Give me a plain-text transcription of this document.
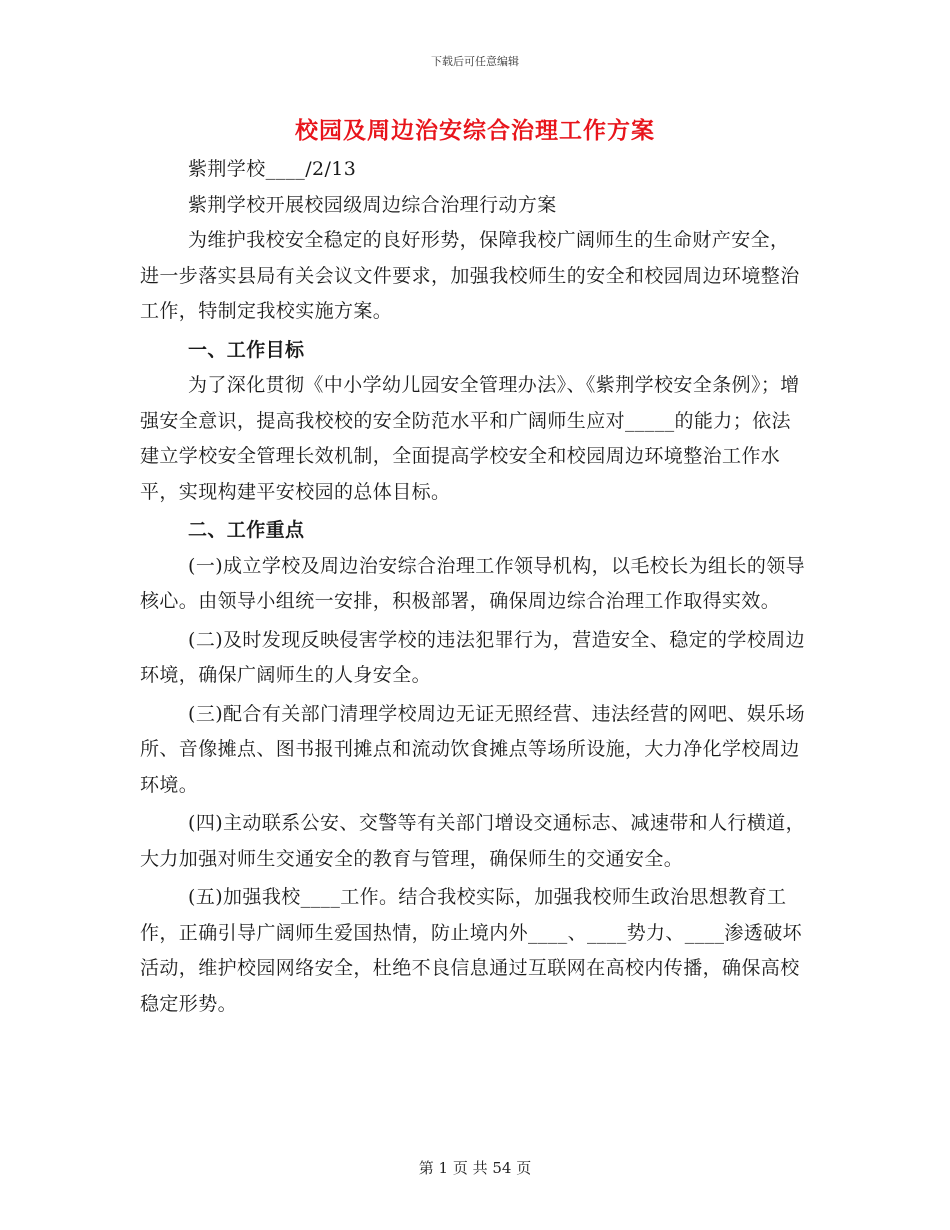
下载后可任意编辑
校园及周边治安综合治理工作方案

紫荆学校____/2/13

紫荆学校开展校园级周边综合治理行动方案

为维护我校安全稳定的良好形势，保障我校广阔师生的生命财产安全，进一步落实县局有关会议文件要求，加强我校师生的安全和校园周边环境整治工作，特制定我校实施方案。

一、工作目标

为了深化贯彻《中小学幼儿园安全管理办法》、《紫荆学校安全条例》；增强安全意识，提高我校校的安全防范水平和广阔师生应对_____的能力；依法建立学校安全管理长效机制，全面提高学校安全和校园周边环境整治工作水平，实现构建平安校园的总体目标。

二、工作重点

(一)成立学校及周边治安综合治理工作领导机构，以毛校长为组长的领导核心。由领导小组统一安排，积极部署，确保周边综合治理工作取得实效。

(二)及时发现反映侵害学校的违法犯罪行为，营造安全、稳定的学校周边环境，确保广阔师生的人身安全。

(三)配合有关部门清理学校周边无证无照经营、违法经营的网吧、娱乐场所、音像摊点、图书报刊摊点和流动饮食摊点等场所设施，大力净化学校周边环境。

(四)主动联系公安、交警等有关部门增设交通标志、减速带和人行横道，大力加强对师生交通安全的教育与管理，确保师生的交通安全。

(五)加强我校____工作。结合我校实际，加强我校师生政治思想教育工作，正确引导广阔师生爱国热情，防止境内外____、____势力、____渗透破坏活动，维护校园网络安全，杜绝不良信息通过互联网在高校内传播，确保高校稳定形势。

第 1 页 共 54 页
